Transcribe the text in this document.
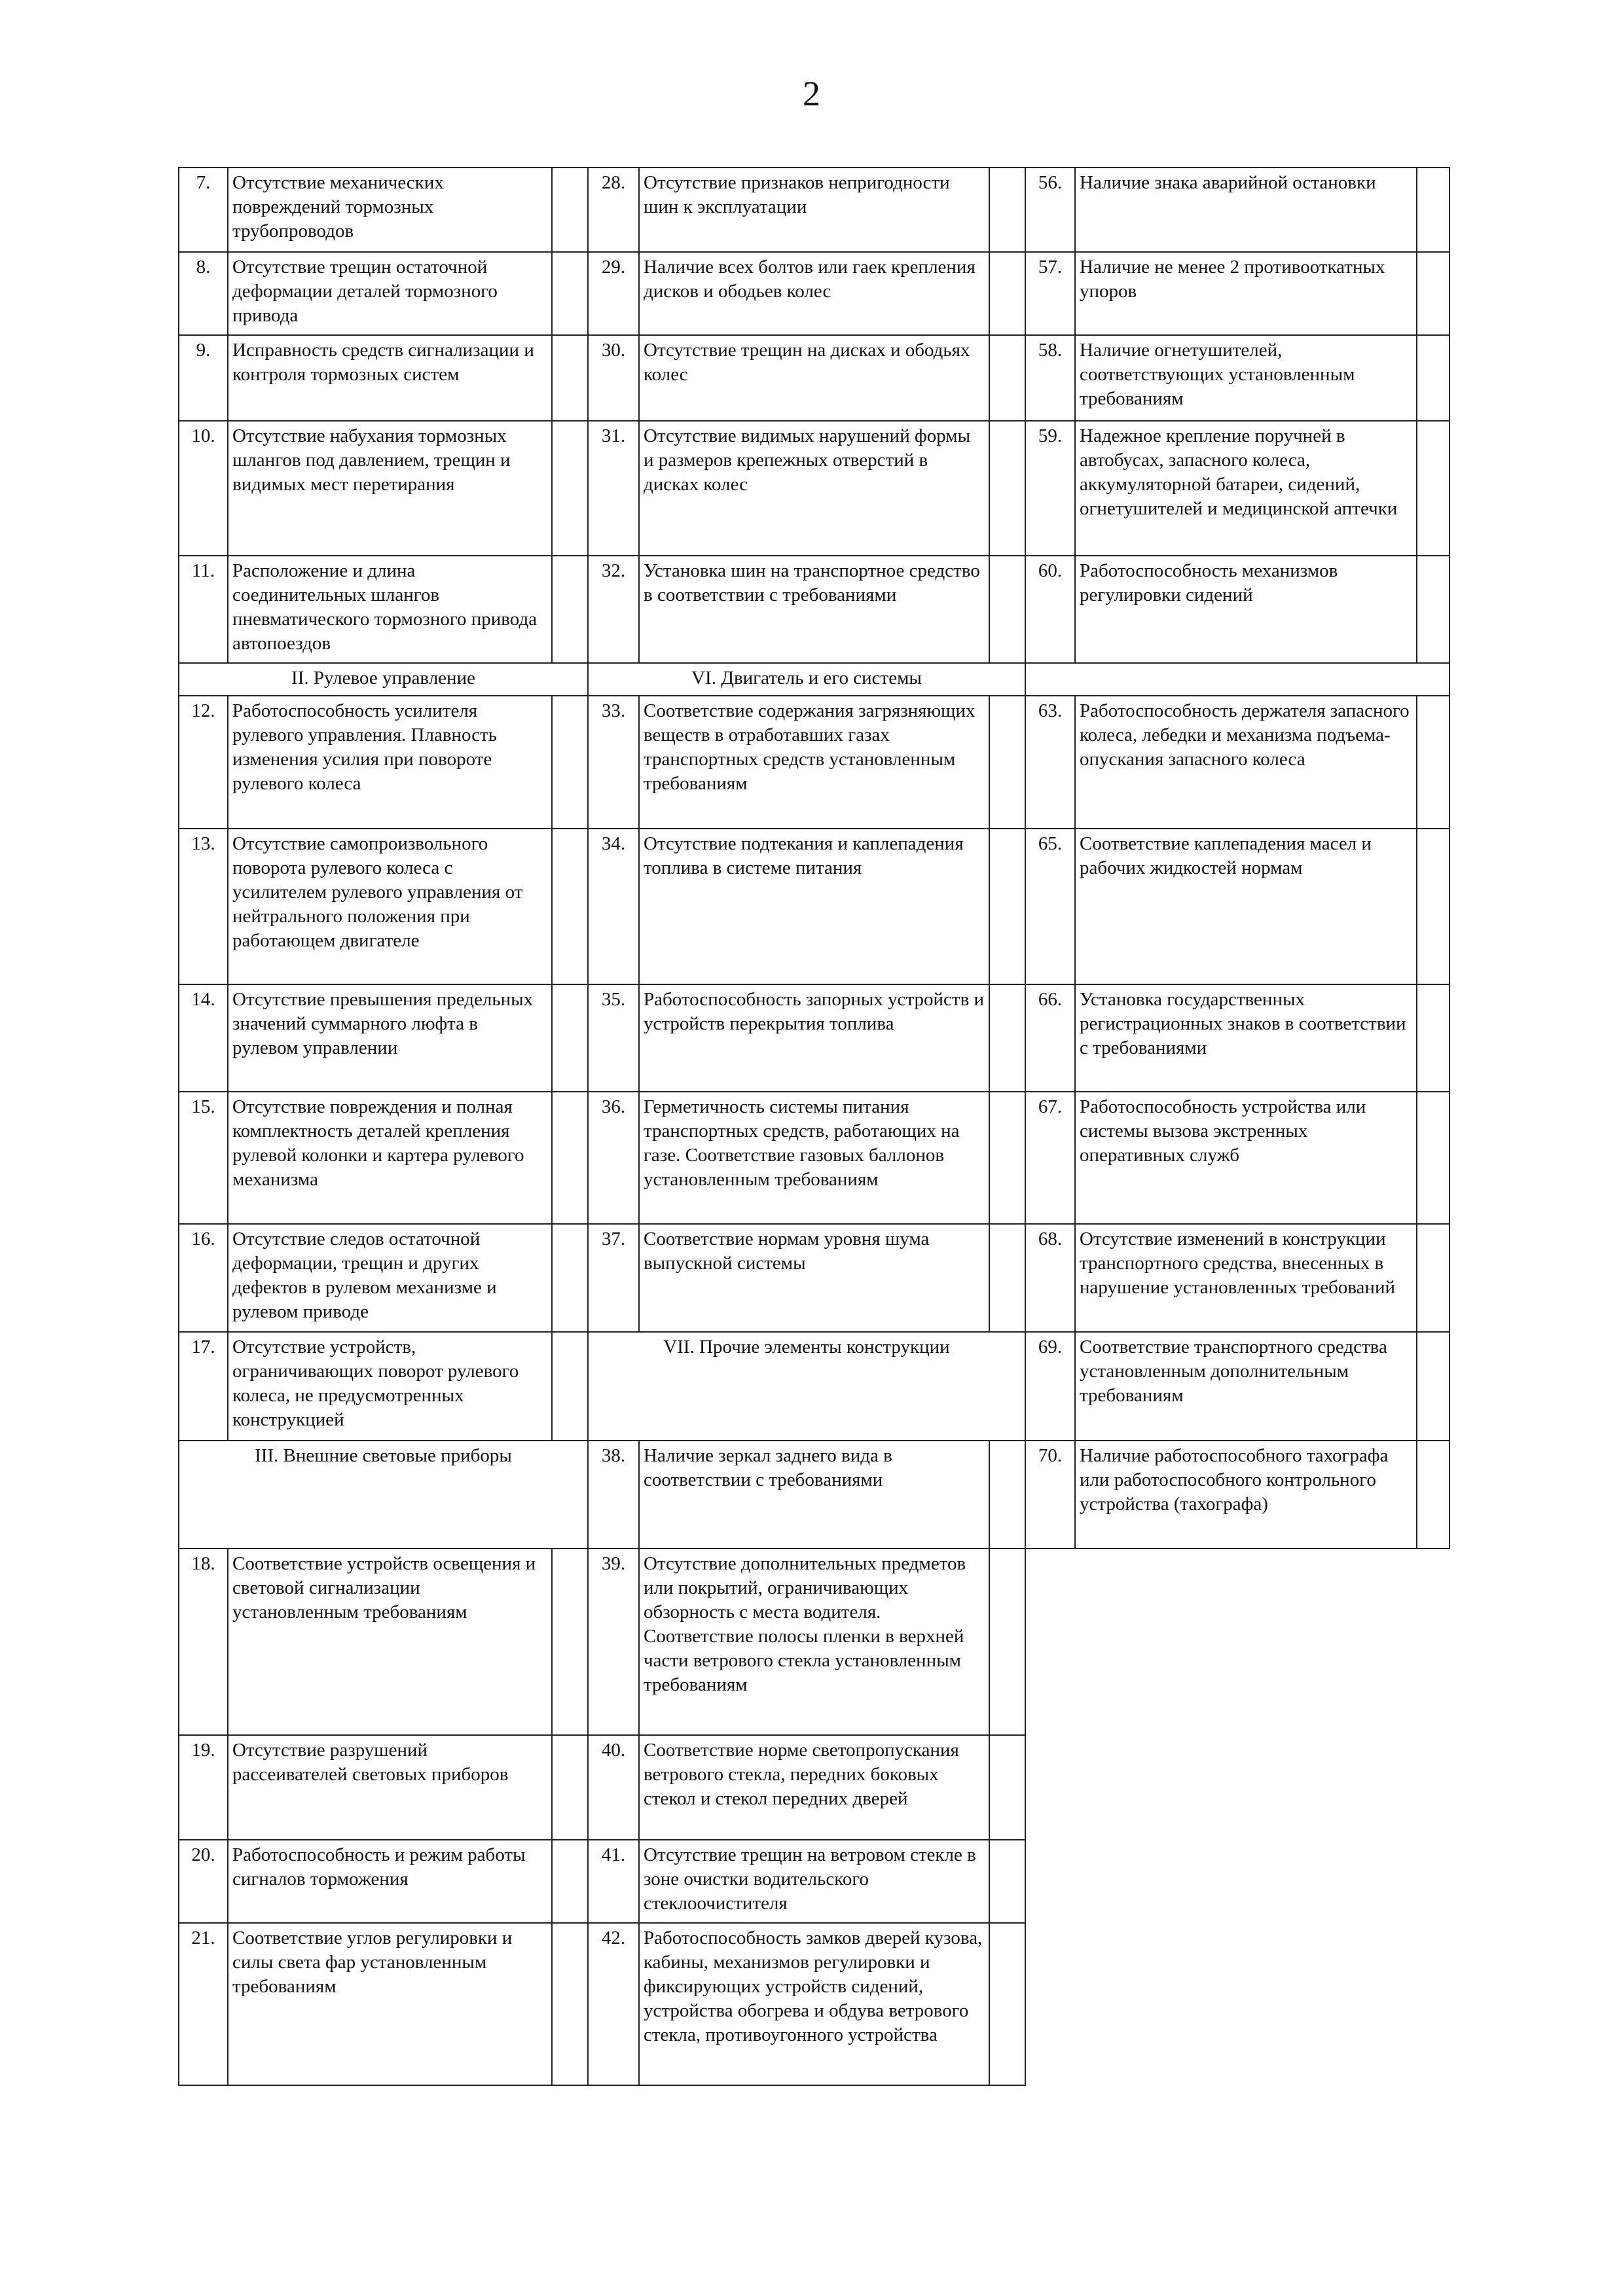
2
7.	Отсутствие механических повреждений тормозных трубопроводов	
8.	Отсутствие трещин остаточной деформации деталей тормозного привода	
9.	Исправность средств сигнализации и контроля тормозных систем	
10.	Отсутствие набухания тормозных шлангов под давлением, трещин и видимых мест перетирания	
11.	Расположение и длина соединительных шлангов пневматического тормозного привода автопоездов	
II. Рулевое управление		
12.	Работоспособность усилителя рулевого управления. Плавность изменения усилия при повороте рулевого колеса	
13.	Отсутствие самопроизвольного поворота рулевого колеса с усилителем рулевого управления от нейтрального положения при работающем двигателе	
14.	Отсутствие превышения предельных значений суммарного люфта в рулевом управлении	
15.	Отсутствие повреждения и полная комплектность деталей крепления рулевой колонки и картера рулевого механизма	
16.	Отсутствие следов остаточной деформации, трещин и других дефектов в рулевом механизме и рулевом приводе	
17.	Отсутствие устройств, ограничивающих поворот рулевого колеса, не предусмотренных конструкцией	
III. Внешние световые приборы		
18.	Соответствие устройств освещения и световой сигнализации установленным требованиям	
19.	Отсутствие разрушений рассеивателей световых приборов	
20.	Работоспособность и режим работы сигналов торможения	
21.	Соответствие углов регулировки и силы света фар установленным требованиям	
28.	Отсутствие признаков непригодности шин к эксплуатации	
29.	Наличие всех болтов или гаек крепления дисков и ободьев колес	
30.	Отсутствие трещин на дисках и ободьях колес	
31.	Отсутствие видимых нарушений формы и размеров крепежных отверстий в дисках колес	
32.	Установка шин на транспортное средство в соответствии с требованиями	
VI. Двигатель и его системы		
33.	Соответствие содержания загрязняющих веществ в отработавших газах транспортных средств установленным требованиям	
34.	Отсутствие подтекания и каплепадения топлива в системе питания	
35.	Работоспособность запорных устройств и устройств перекрытия топлива	
36.	Герметичность системы питания транспортных средств, работающих на газе. Соответствие газовых баллонов установленным требованиям	
37.	Соответствие нормам уровня шума выпускной системы	
VII. Прочие элементы конструкции		
38.	Наличие зеркал заднего вида в соответствии с требованиями	
39.	Отсутствие дополнительных предметов или покрытий, ограничивающих обзорность с места водителя. Соответствие полосы пленки в верхней части ветрового стекла установленным требованиям	
40.	Соответствие норме светопропускания ветрового стекла, передних боковых стекол и стекол передних дверей	
41.	Отсутствие трещин на ветровом стекле в зоне очистки водительского стеклоочистителя	
42.	Работоспособность замков дверей кузова, кабины, механизмов регулировки и фиксирующих устройств сидений, устройства обогрева и обдува ветрового стекла, противоугонного устройства	
56.	Наличие знака аварийной остановки	
57.	Наличие не менее 2 противооткатных упоров	
58.	Наличие огнетушителей, соответствующих установленным требованиям	
59.	Надежное крепление поручней в автобусах, запасного колеса, аккумуляторной батареи, сидений, огнетушителей и медицинской аптечки	
60.	Работоспособность механизмов регулировки сидений	

63.	Работоспособность держателя запасного колеса, лебедки и механизма подъема-опускания запасного колеса	
65.	Соответствие каплепадения масел и рабочих жидкостей нормам	
66.	Установка государственных регистрационных знаков в соответствии с требованиями	
67.	Работоспособность устройства или системы вызова экстренных оперативных служб	
68.	Отсутствие изменений в конструкции транспортного средства, внесенных в нарушение установленных требований	
69.	Соответствие транспортного средства установленным дополнительным требованиям	
70.	Наличие работоспособного тахографа или работоспособного контрольного устройства (тахографа)	
